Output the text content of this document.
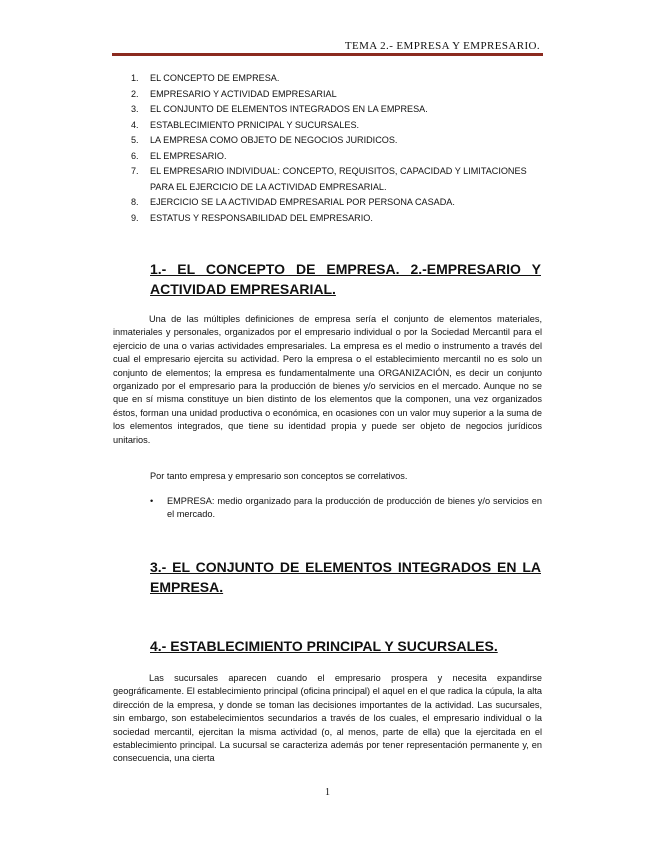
TEMA 2.- EMPRESA Y EMPRESARIO.
1. EL CONCEPTO DE EMPRESA.
2. EMPRESARIO Y ACTIVIDAD EMPRESARIAL
3. EL CONJUNTO DE ELEMENTOS INTEGRADOS EN LA EMPRESA.
4. ESTABLECIMIENTO PRNICIPAL Y SUCURSALES.
5. LA EMPRESA COMO OBJETO DE NEGOCIOS JURIDICOS.
6. EL EMPRESARIO.
7. EL EMPRESARIO INDIVIDUAL: CONCEPTO, REQUISITOS, CAPACIDAD Y LIMITACIONES PARA EL EJERCICIO DE LA ACTIVIDAD EMPRESARIAL.
8. EJERCICIO SE LA ACTIVIDAD EMPRESARIAL POR PERSONA CASADA.
9. ESTATUS Y RESPONSABILIDAD DEL EMPRESARIO.
1.- EL CONCEPTO DE EMPRESA. 2.-EMPRESARIO Y ACTIVIDAD EMPRESARIAL.

Una de las múltiples definiciones de empresa sería el conjunto de elementos materiales, inmateriales y personales, organizados por el empresario individual o por la Sociedad Mercantil para el ejercicio de una o varias actividades empresariales. La empresa es el medio o instrumento a través del cual el empresario ejercita su actividad. Pero la empresa o el establecimiento mercantil no es solo un conjunto de elementos; la empresa es fundamentalmente una ORGANIZACIÓN, es decir un conjunto organizado por el empresario para la producción de bienes y/o servicios en el mercado. Aunque no se que en sí misma constituye un bien distinto de los elementos que la componen, una vez organizados éstos, forman una unidad productiva o económica, en ocasiones con un valor muy superior a la suma de los elementos integrados, que tiene su identidad propia y puede ser objeto de negocios jurídicos unitarios.

Por tanto empresa y empresario son conceptos se correlativos.

•	EMPRESA: medio organizado para la producción de producción de bienes y/o servicios en el mercado.

3.- EL CONJUNTO DE ELEMENTOS INTEGRADOS EN LA EMPRESA.
4.- ESTABLECIMIENTO PRINCIPAL Y SUCURSALES.

Las sucursales aparecen cuando el empresario prospera y necesita expandirse geográficamente. El establecimiento principal (oficina principal) el aquel en el que radica la cúpula, la alta dirección de la empresa, y donde se toman las decisiones importantes de la actividad. Las sucursales, sin embargo, son estabelecimientos secundarios a través de los cuales, el empresario individual o la sociedad mercantil, ejercitan la misma actividad (o, al menos, parte de ella) que la ejercitada en el establecimiento principal. La sucursal se caracteriza además por tener representación permanente y, en consecuencia, una cierta

1
